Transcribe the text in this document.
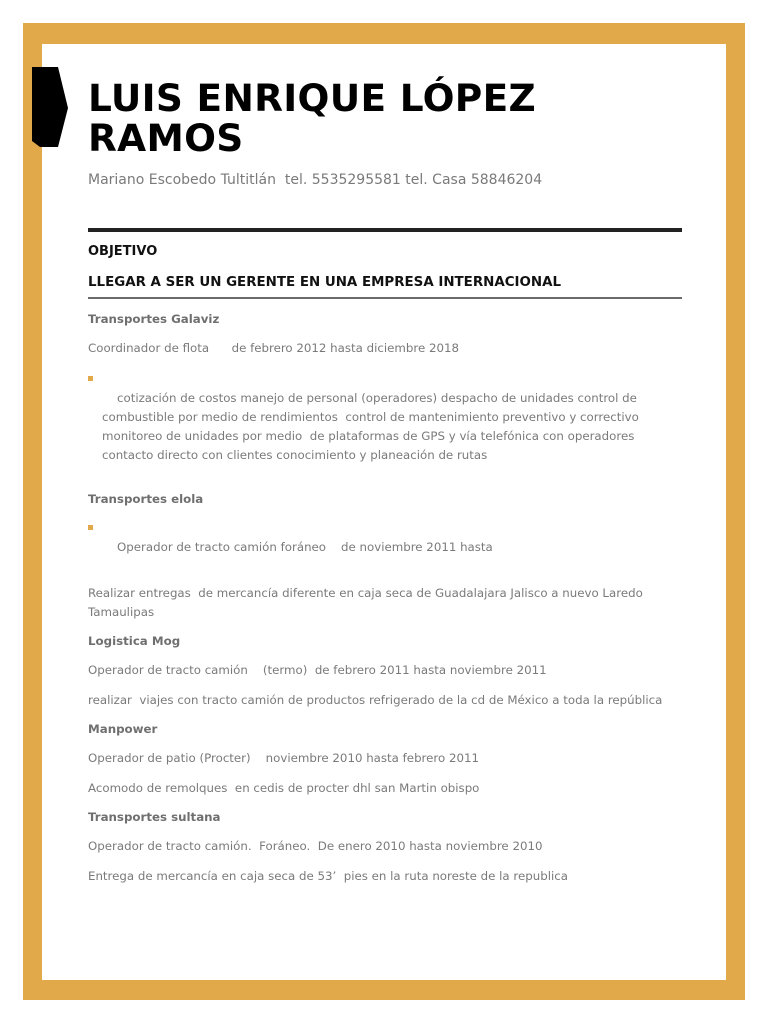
LUIS ENRIQUE LÓPEZ RAMOS
Mariano Escobedo Tultitlán  tel. 5535295581 tel. Casa 58846204
OBJETIVO
LLEGAR A SER UN GERENTE EN UNA EMPRESA INTERNACIONAL
Transportes Galaviz
Coordinador de flota      de febrero 2012 hasta diciembre 2018

cotización de costos manejo de personal (operadores) despacho de unidades control de combustible por medio de rendimientos  control de mantenimiento preventivo y correctivo monitoreo de unidades por medio  de plataformas de GPS y vía telefónica con operadores contacto directo con clientes conocimiento y planeación de rutas

Transportes elola

Operador de tracto camión foráneo    de noviembre 2011 hasta

Realizar entregas  de mercancía diferente en caja seca de Guadalajara Jalisco a nuevo Laredo Tamaulipas
Logistica Mog
Operador de tracto camión    (termo)  de febrero 2011 hasta noviembre 2011
realizar  viajes con tracto camión de productos refrigerado de la cd de México a toda la república
Manpower
Operador de patio (Procter)    noviembre 2010 hasta febrero 2011
Acomodo de remolques  en cedis de procter dhl san Martin obispo
Transportes sultana
Operador de tracto camión.  Foráneo.  De enero 2010 hasta noviembre 2010
Entrega de mercancía en caja seca de 53’  pies en la ruta noreste de la republica
